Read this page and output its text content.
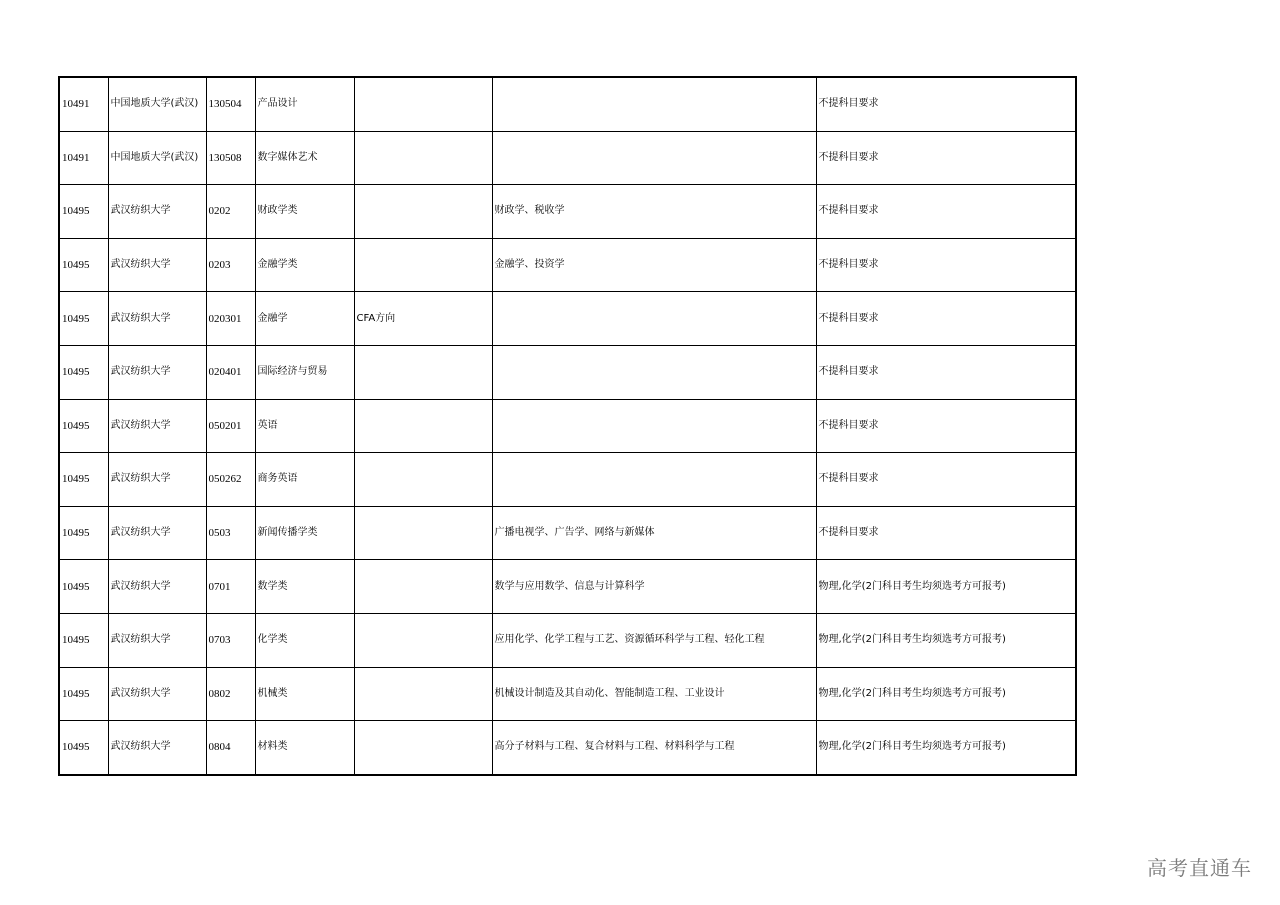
10491	中国地质大学(武汉)	130504	产品设计			不提科目要求
10491	中国地质大学(武汉)	130508	数字媒体艺术			不提科目要求
10495	武汉纺织大学	0202	财政学类		财政学、税收学	不提科目要求
10495	武汉纺织大学	0203	金融学类		金融学、投资学	不提科目要求
10495	武汉纺织大学	020301	金融学	CFA方向		不提科目要求
10495	武汉纺织大学	020401	国际经济与贸易			不提科目要求
10495	武汉纺织大学	050201	英语			不提科目要求
10495	武汉纺织大学	050262	商务英语			不提科目要求
10495	武汉纺织大学	0503	新闻传播学类		广播电视学、广告学、网络与新媒体	不提科目要求
10495	武汉纺织大学	0701	数学类		数学与应用数学、信息与计算科学	物理,化学(2门科目考生均须选考方可报考)
10495	武汉纺织大学	0703	化学类		应用化学、化学工程与工艺、资源循环科学与工程、轻化工程	物理,化学(2门科目考生均须选考方可报考)
10495	武汉纺织大学	0802	机械类		机械设计制造及其自动化、智能制造工程、工业设计	物理,化学(2门科目考生均须选考方可报考)
10495	武汉纺织大学	0804	材料类		高分子材料与工程、复合材料与工程、材料科学与工程	物理,化学(2门科目考生均须选考方可报考)
高考直通车
